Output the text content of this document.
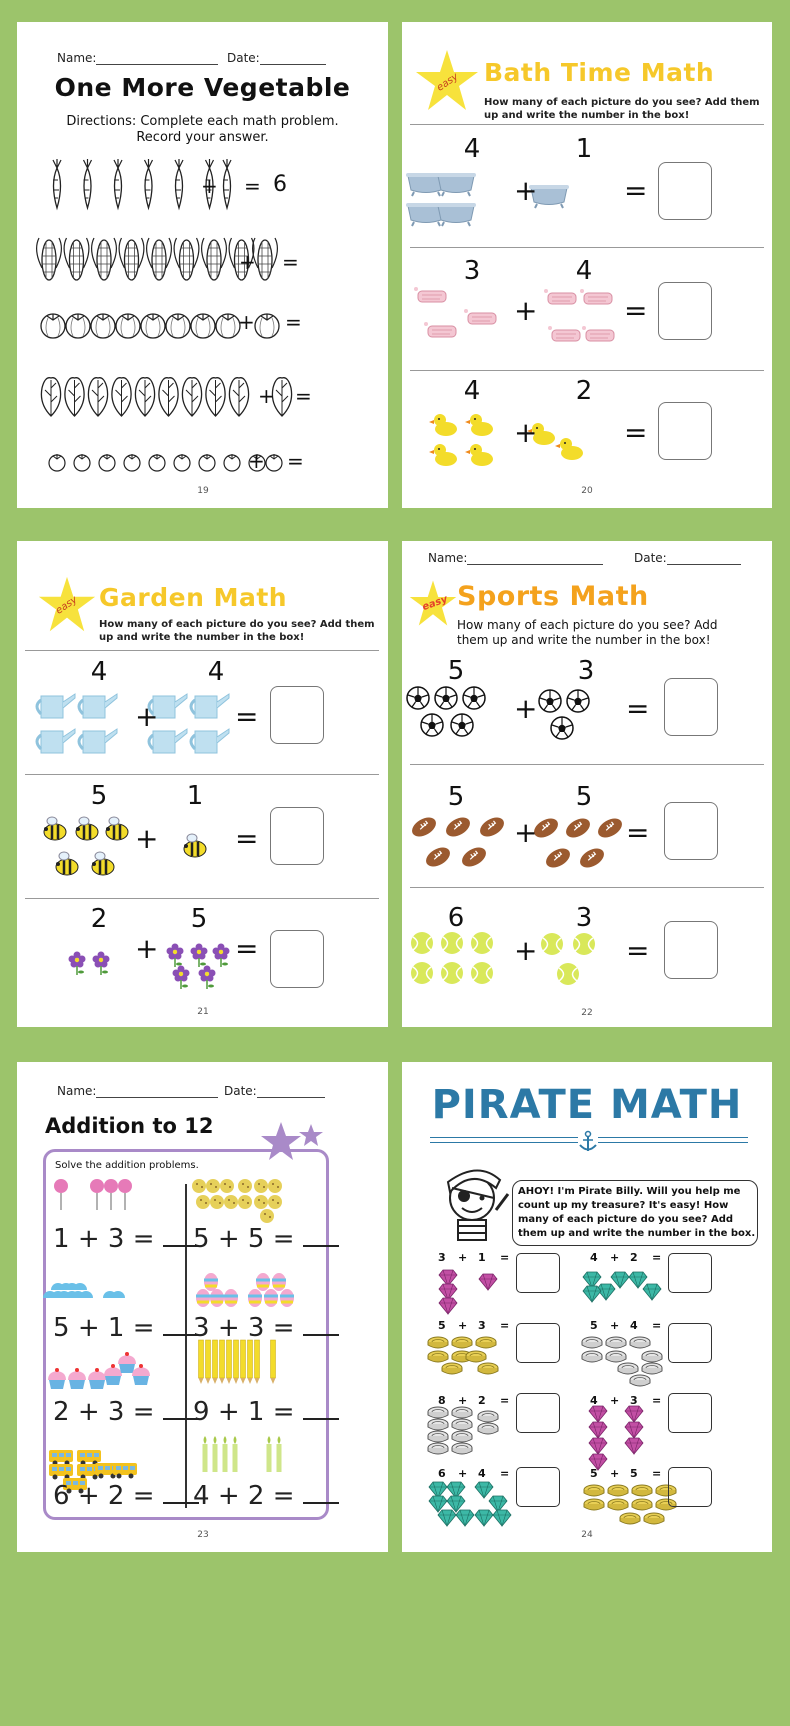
Name:	Date:
One More Vegetable
Directions: Complete each math problem.
Record your answer.
+ = 6
+ =
+ =
+ =
+ =
19
easy Bath Time Math
How many of each picture do you see? Add them
up and write the number in the box!
4	1
+	=
3	4
+	=
4	2
+	=
20
easy Garden Math
How many of each picture do you see? Add them
up and write the number in the box!
4	4
+	=
5	1
+	=
2	5
+	=
21
Name:	Date:
easy Sports Math
How many of each picture do you see? Add
them up and write the number in the box!
5	3
+	=
5	5
+	=
6	3
+	=
22
Name:	Date:
Addition to 12
Solve the addition problems.
1 + 3 =
5 + 1 =
2 + 3 =
6 + 2 =
5 + 5 =
3 + 3 =
9 + 1 =
4 + 2 =
23
PIRATE MATH
AHOY! I'm Pirate Billy. Will you help me
count up my treasure? It's easy! How
many of each picture do you see? Add
them up and write the number in the box.
3 + 1 =
5 + 3 =
8 + 2 =
6 + 4 =
4 + 2 =
5 + 4 =
4 + 3 =
5 + 5 =
24
